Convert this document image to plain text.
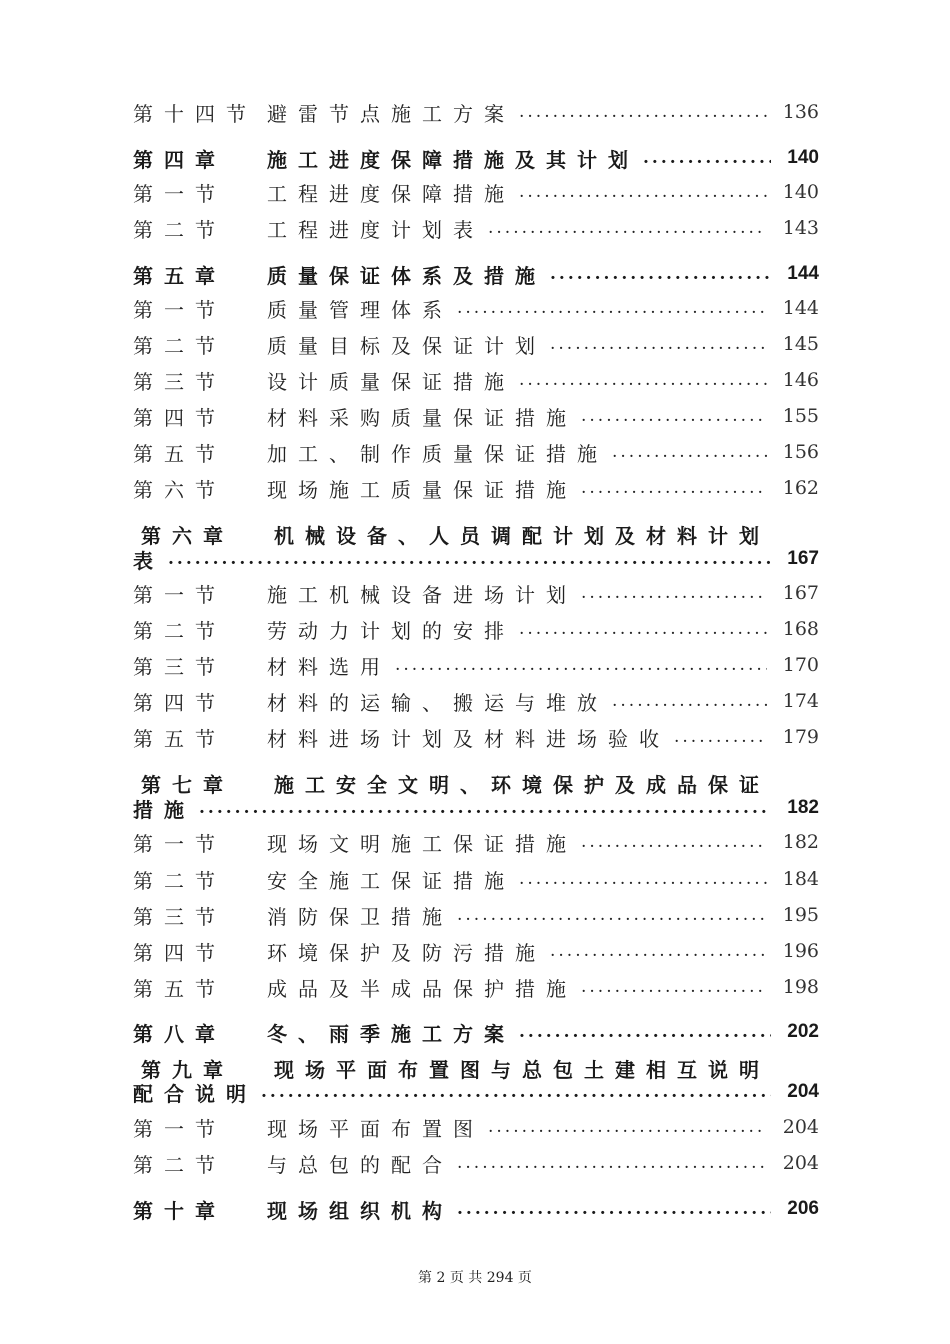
第十四节 避雷节点施工方案 .....	136
第四章	施工进度保障措施及其计划 .....	140
第一节	工程进度保障措施 .....	140
第二节	工程进度计划表 .....	143
第五章	质量保证体系及措施 .....	144
第一节	质量管理体系 .....	144
第二节	质量目标及保证计划 .....	145
第三节	设计质量保证措施 .....	146
第四节	材料采购质量保证措施 .....	155
第五节	加工、制作质量保证措施 .....	156
第六节	现场施工质量保证措施 .....	162
第六章	机械设备、人员调配计划及材料计划
表 .....	167
第一节	施工机械设备进场计划 .....	167
第二节	劳动力计划的安排 .....	168
第三节	材料选用 .....	170
第四节	材料的运输、搬运与堆放 .....	174
第五节	材料进场计划及材料进场验收 .....	179
第七章	施工安全文明、环境保护及成品保证
措施 .....	182
第一节	现场文明施工保证措施 .....	182
第二节	安全施工保证措施 .....	184
第三节	消防保卫措施 .....	195
第四节	环境保护及防污措施 .....	196
第五节	成品及半成品保护措施 .....	198
第八章	冬、雨季施工方案 .....	202
第九章	现场平面布置图与总包土建相互说明
配合说明 .....	204
第一节	现场平面布置图 .....	204
第二节	与总包的配合 .....	204
第十章	现场组织机构 .....	206
第 2 页 共 294 页
